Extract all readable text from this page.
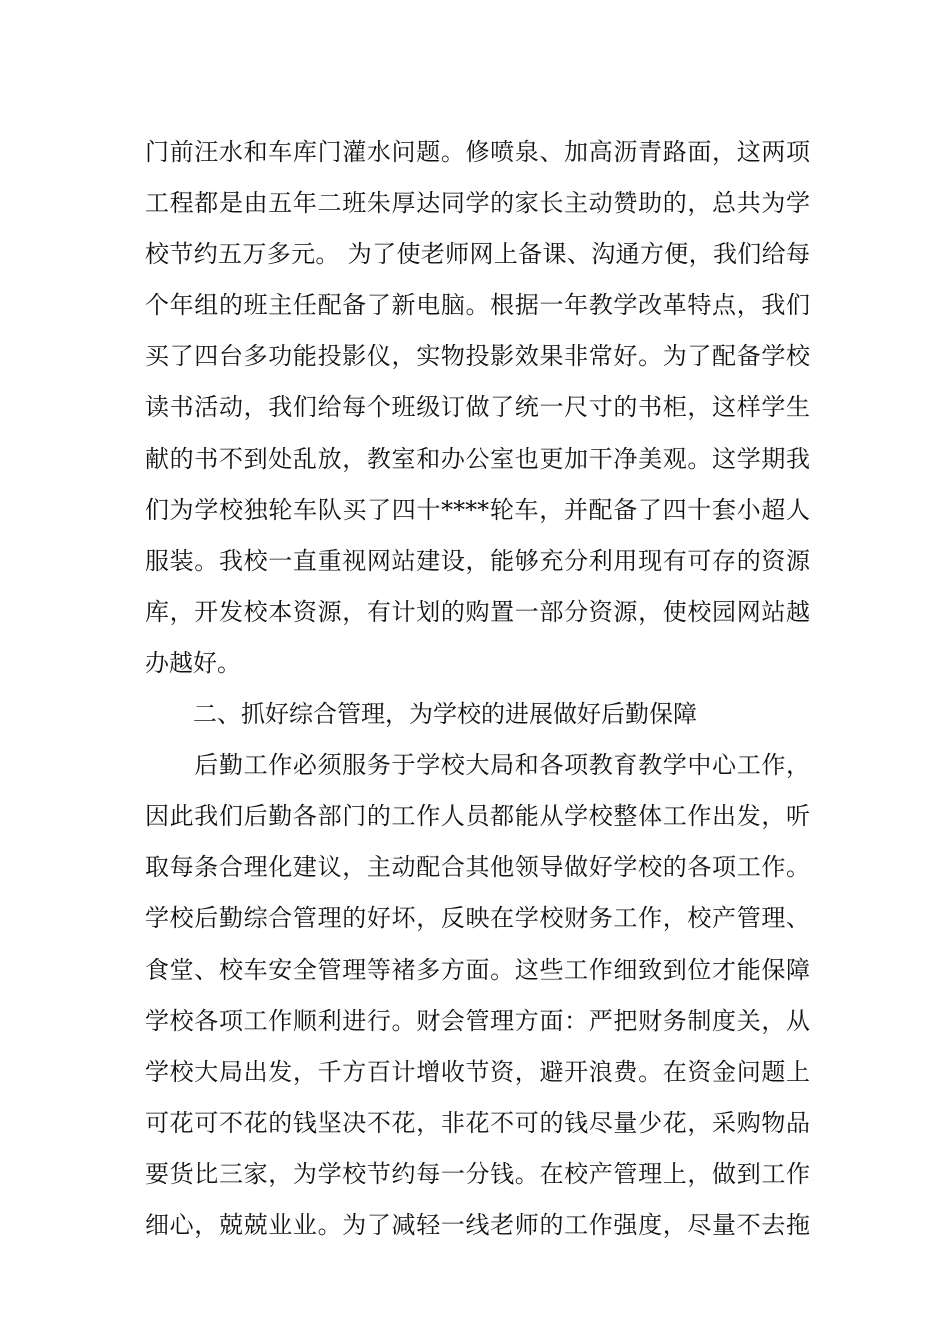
门前汪水和车库门灌水问题。修喷泉、加高沥青路面，这两项
工程都是由五年二班朱厚达同学的家长主动赞助的，总共为学
校节约五万多元。 为了使老师网上备课、沟通方便，我们给每
个年组的班主任配备了新电脑。根据一年教学改革特点，我们
买了四台多功能投影仪，实物投影效果非常好。为了配备学校
读书活动，我们给每个班级订做了统一尺寸的书柜，这样学生
献的书不到处乱放，教室和办公室也更加干净美观。这学期我
们为学校独轮车队买了四十****轮车，并配备了四十套小超人
服装。我校一直重视网站建设，能够充分利用现有可存的资源
库，开发校本资源，有计划的购置一部分资源，使校园网站越
办越好。
　　二、抓好综合管理，为学校的进展做好后勤保障
　　后勤工作必须服务于学校大局和各项教育教学中心工作，
因此我们后勤各部门的工作人员都能从学校整体工作出发，听
取每条合理化建议，主动配合其他领导做好学校的各项工作。
学校后勤综合管理的好坏，反映在学校财务工作，校产管理、
食堂、校车安全管理等褚多方面。这些工作细致到位才能保障
学校各项工作顺利进行。财会管理方面：严把财务制度关，从
学校大局出发，千方百计增收节资，避开浪费。在资金问题上
可花可不花的钱坚决不花，非花不可的钱尽量少花，采购物品
要货比三家，为学校节约每一分钱。在校产管理上，做到工作
细心，兢兢业业。为了减轻一线老师的工作强度，尽量不去拖
